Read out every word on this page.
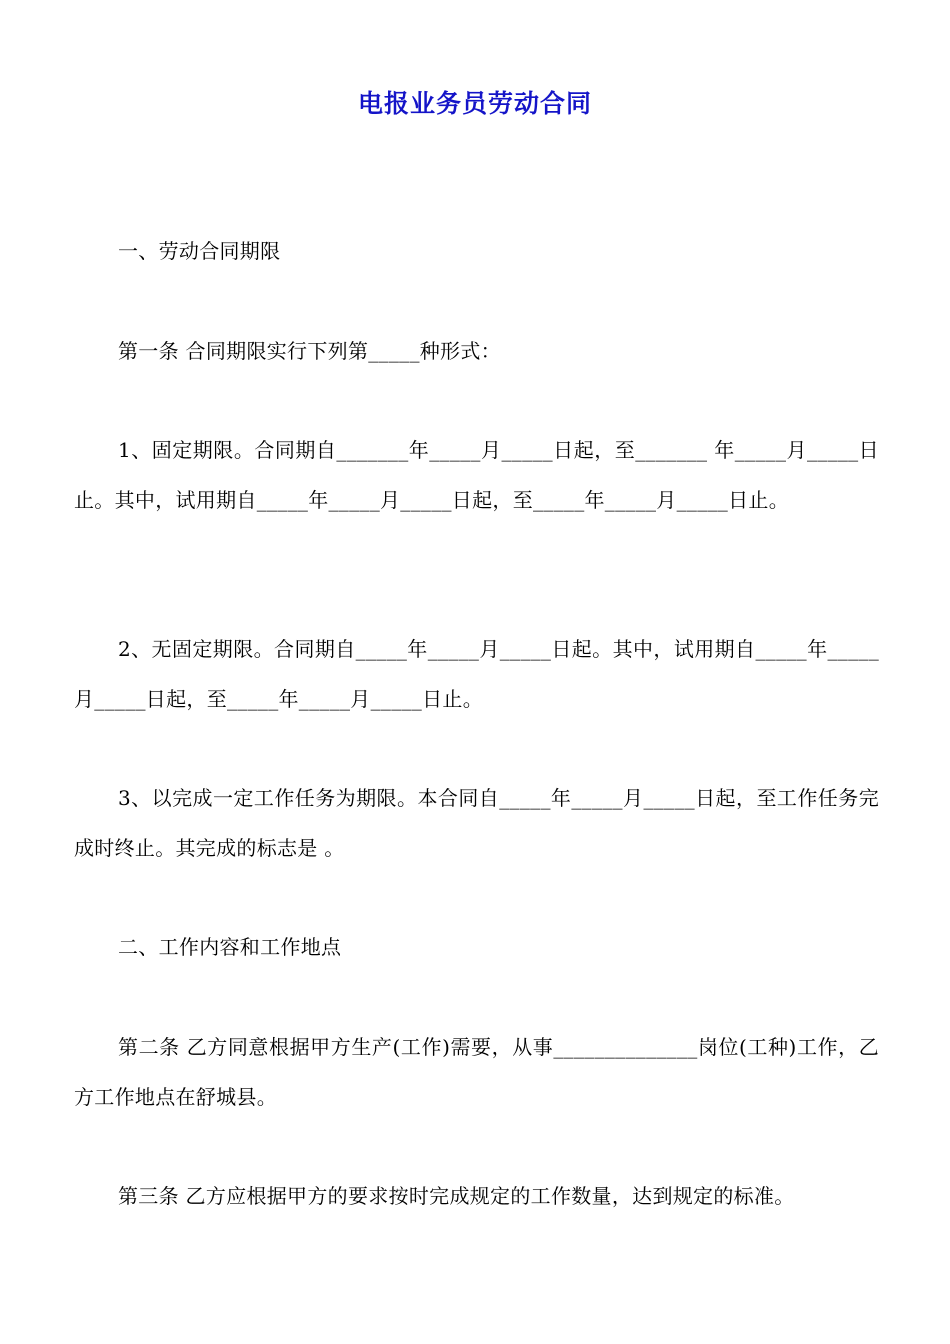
电报业务员劳动合同
一、劳动合同期限
第一条 合同期限实行下列第_____种形式：
1、固定期限。合同期自_______年_____月_____日起，至_______ 年_____月_____日止。其中，试用期自_____年_____月_____日起，至_____年_____月_____日止。
2、无固定期限。合同期自_____年_____月_____日起。其中，试用期自_____年_____月_____日起，至_____年_____月_____日止。
3、以完成一定工作任务为期限。本合同自_____年_____月_____日起，至工作任务完成时终止。其完成的标志是 。
二、工作内容和工作地点
第二条 乙方同意根据甲方生产(工作)需要，从事______________岗位(工种)工作，乙方工作地点在舒城县。
第三条 乙方应根据甲方的要求按时完成规定的工作数量，达到规定的标准。
